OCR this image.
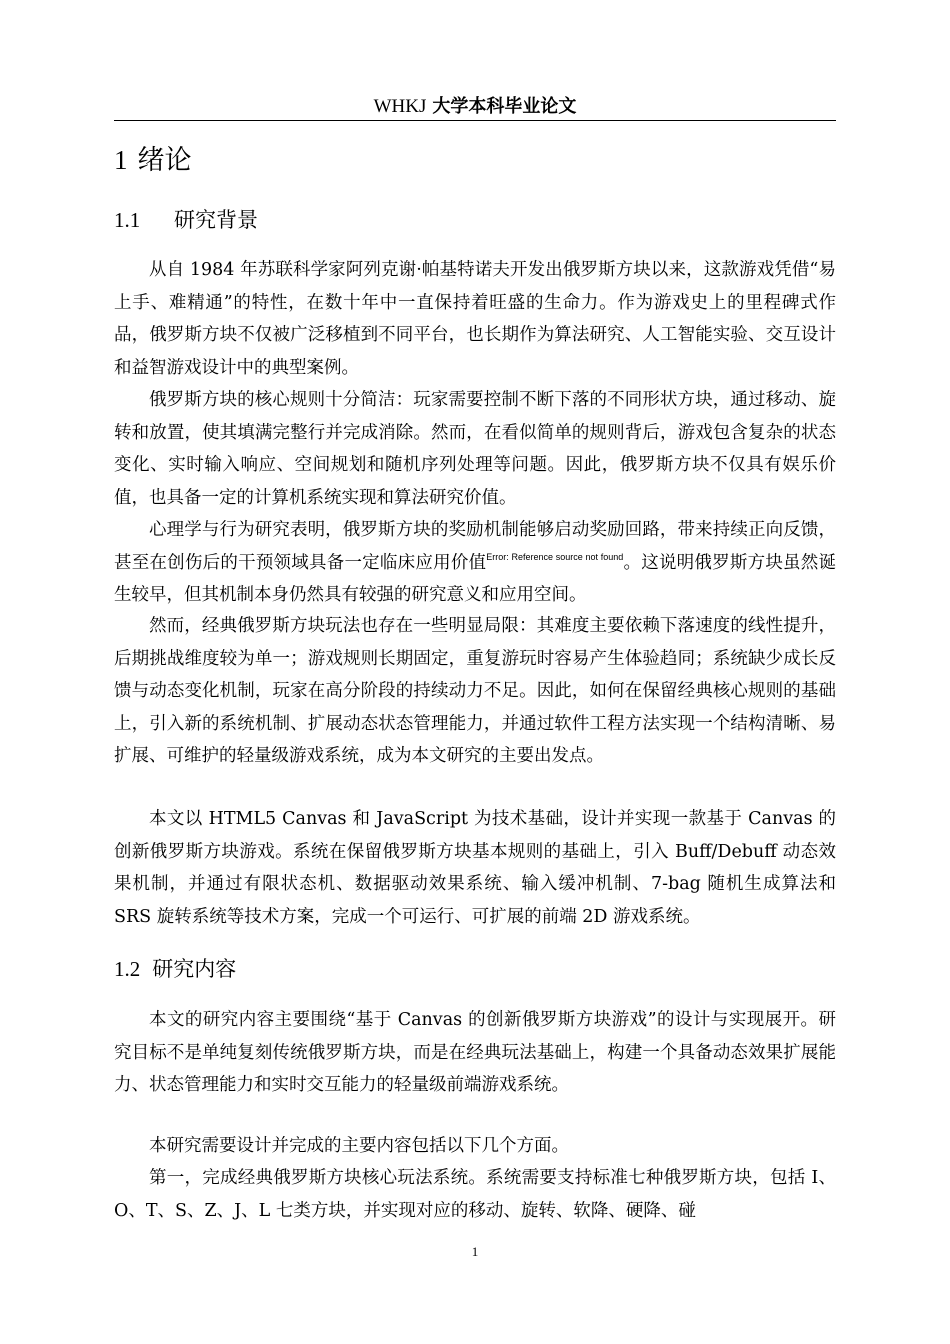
WHKJ 大学本科毕业论文
1 绪论
1.1 研究背景

从自 1984 年苏联科学家阿列克谢·帕基特诺夫开发出俄罗斯方块以来，这款游戏凭借“易上手、难精通”的特性，在数十年中一直保持着旺盛的生命力。作为游戏史上的里程碑式作品，俄罗斯方块不仅被广泛移植到不同平台，也长期作为算法研究、人工智能实验、交互设计和益智游戏设计中的典型案例。

俄罗斯方块的核心规则十分简洁：玩家需要控制不断下落的不同形状方块，通过移动、旋转和放置，使其填满完整行并完成消除。然而，在看似简单的规则背后，游戏包含复杂的状态变化、实时输入响应、空间规划和随机序列处理等问题。因此，俄罗斯方块不仅具有娱乐价值，也具备一定的计算机系统实现和算法研究价值。

心理学与行为研究表明，俄罗斯方块的奖励机制能够启动奖励回路，带来持续正向反馈，甚至在创伤后的干预领域具备一定临床应用价值$^{Error: Reference source not found}$。这说明俄罗斯方块虽然诞生较早，但其机制本身仍然具有较强的研究意义和应用空间。

然而，经典俄罗斯方块玩法也存在一些明显局限：其难度主要依赖下落速度的线性提升，后期挑战维度较为单一；游戏规则长期固定，重复游玩时容易产生体验趋同；系统缺少成长反馈与动态变化机制，玩家在高分阶段的持续动力不足。因此，如何在保留经典核心规则的基础上，引入新的系统机制、扩展动态状态管理能力，并通过软件工程方法实现一个结构清晰、易扩展、可维护的轻量级游戏系统，成为本文研究的主要出发点。

本文以 HTML5 Canvas 和 JavaScript 为技术基础，设计并实现一款基于 Canvas 的创新俄罗斯方块游戏。系统在保留俄罗斯方块基本规则的基础上，引入 Buff/Debuff 动态效果机制，并通过有限状态机、数据驱动效果系统、输入缓冲机制、7-bag 随机生成算法和 SRS 旋转系统等技术方案，完成一个可运行、可扩展的前端 2D 游戏系统。

1.2 研究内容

本文的研究内容主要围绕“基于 Canvas 的创新俄罗斯方块游戏”的设计与实现展开。研究目标不是单纯复刻传统俄罗斯方块，而是在经典玩法基础上，构建一个具备动态效果扩展能力、状态管理能力和实时交互能力的轻量级前端游戏系统。

本研究需要设计并完成的主要内容包括以下几个方面。

第一，完成经典俄罗斯方块核心玩法系统。系统需要支持标准七种俄罗斯方块，包括 I、O、T、S、Z、J、L 七类方块，并实现对应的移动、旋转、软降、硬降、碰

1
